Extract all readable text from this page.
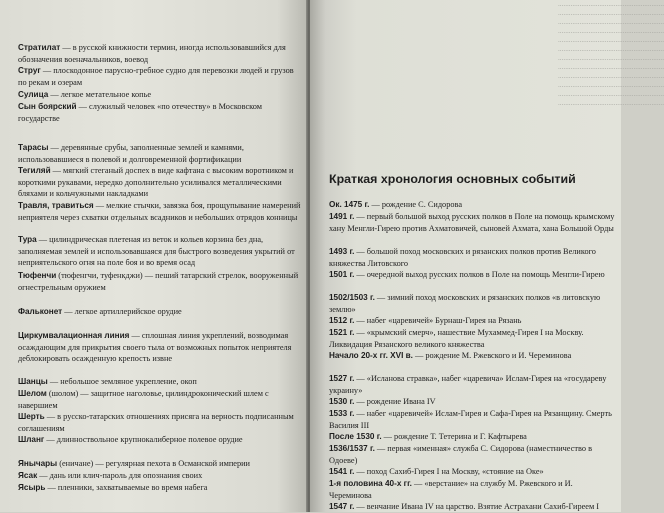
Стратилат — в русской книжности термин, иногда использовавшийся для обозначения военачальников, воевод

Струг — плоскодонное парусно-гребное судно для перевозки людей и грузов по рекам и озерам

Сулица — легкое метательное копье

Сын боярский — служилый человек «по отечеству» в Московском государстве

Тарасы — деревянные срубы, заполненные землей и камнями, использовавшиеся в полевой и долговременной фортификации

Тегиляй — мягкий стеганый доспех в виде кафтана с высоким воротником и короткими рукавами, нередко дополнительно усиливался металлическими бляхами и кольчужными накладками

Травля, травиться — мелкие стычки, завязка боя, прощупывание намерений неприятеля через схватки отдельных всадников и небольших отрядов конницы

Тура — цилиндрическая плетеная из веток и кольев корзина без дна, заполняемая землей и использовавшаяся для быстрого возведения укрытий от неприятельского огня на поле боя и во время осад

Тюфенчи (тюфенгчи, туфенкджи) — пеший татарский стрелок, вооруженный огнестрельным оружием

Фальконет — легкое артиллерийское орудие

Циркумвалационная линия — сплошная линия укреплений, возводимая осаждающим для прикрытия своего тыла от возможных попыток неприятеля деблокировать осажденную крепость извне

Шанцы — небольшое земляное укрепление, окоп

Шелом (шолом) — защитное наголовье, цилиндроконический шлем с навершием

Шерть — в русско-татарских отношениях присяга на верность подписанным соглашениям

Шланг — длинноствольное крупнокалиберное полевое орудие

Янычары (еничане) — регулярная пехота в Османской империи

Ясак — дань или клич-пароль для опознания своих

Ясырь — пленники, захватываемые во время набега

...........................................................
...........................................................
...........................................................
...........................................................
...........................................................
...........................................................
...........................................................
...........................................................
...........................................................
...........................................................
...........................................................
...........................................................
Краткая хронология основных событий

Ок. 1475 г. — рождение С. Сидорова

1491 г. — первый большой выход русских полков в Поле на помощь крымскому хану Менгли-Гирею против Ахматовичей, сыновей Ахмата, хана Большой Орды

1493 г. — большой поход московских и рязанских полков против Великого княжества Литовского

1501 г. — очередной выход русских полков в Поле на помощь Менгли-Гирею

1502/1503 г. — зимний поход московских и рязанских полков «в литовскую землю»

1512 г. — набег «царевичей» Бурнаш-Гирея на Рязань

1521 г. — «крымский смерч», нашествие Мухаммед-Гирея I на Москву. Ликвидация Рязанского великого княжества

Начало 20-х гг. XVI в. — рождение М. Ржевского и И. Череминова

1527 г. — «Исланова стравка», набег «царевича» Ислам-Гирея на «государеву украину»

1530 г. — рождение Ивана IV

1533 г. — набег «царевичей» Ислам-Гирея и Сафа-Гирея на Рязанщину. Смерть Василия III

После 1530 г. — рождение Т. Тетерина и Г. Кафтырева

1536/1537 г. — первая «именная» служба С. Сидорова (наместничество в Одоеве)

1541 г. — поход Сахиб-Гирея I на Москву, «стояние на Оке»

1-я половина 40-х гг. — «верстание» на службу М. Ржевского и И. Череминова

1547 г. — венчание Ивана IV на царство. Взятие Астрахани Сахиб-Гиреем I
